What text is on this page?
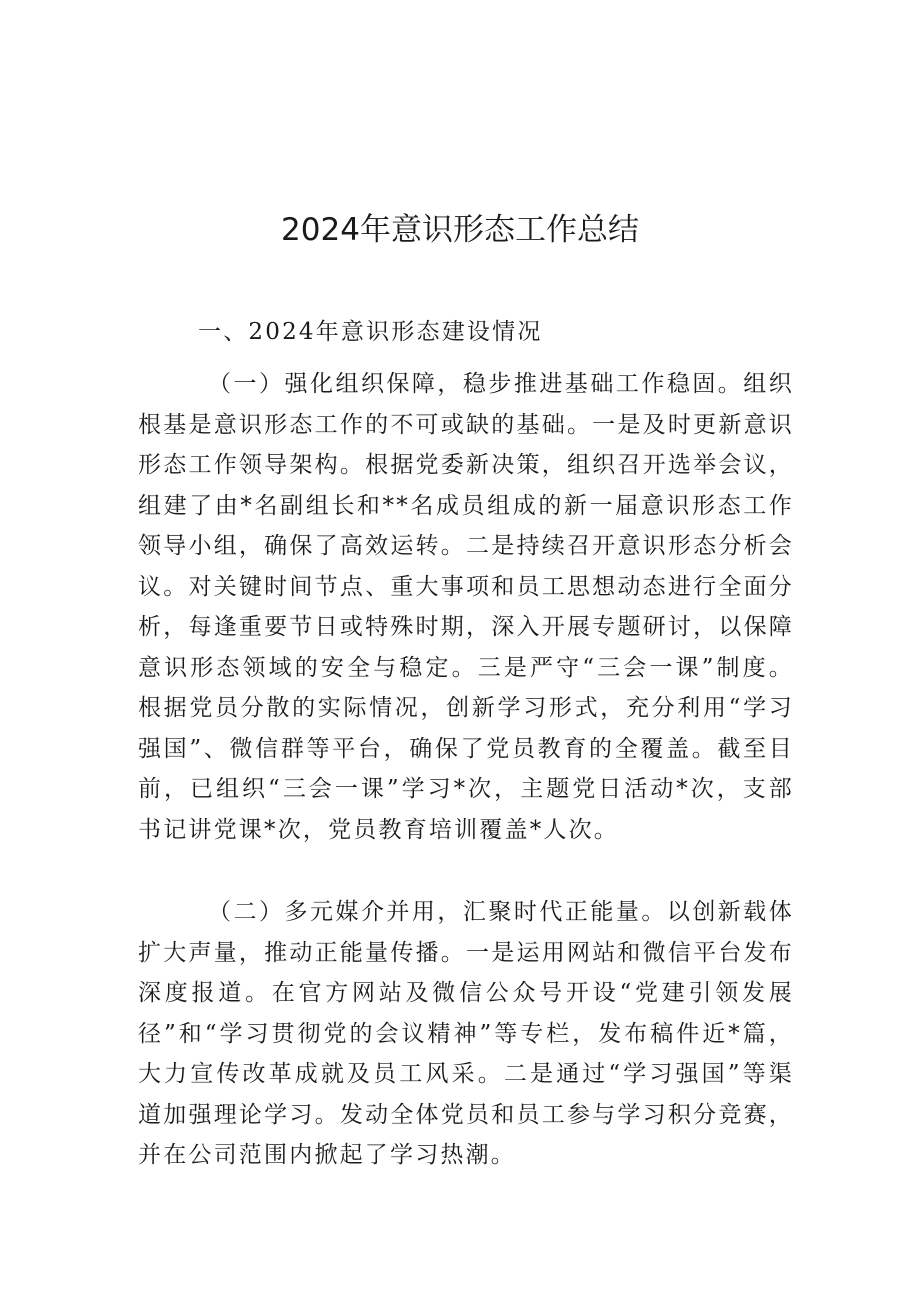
2024年意识形态工作总结

一、2024年意识形态建设情况

（一）强化组织保障，稳步推进基础工作稳固。组织根基是意识形态工作的不可或缺的基础。一是及时更新意识形态工作领导架构。根据党委新决策，组织召开选举会议，组建了由*名副组长和**名成员组成的新一届意识形态工作领导小组，确保了高效运转。二是持续召开意识形态分析会议。对关键时间节点、重大事项和员工思想动态进行全面分析，每逢重要节日或特殊时期，深入开展专题研讨，以保障意识形态领域的安全与稳定。三是严守“三会一课”制度。根据党员分散的实际情况，创新学习形式，充分利用“学习强国”、微信群等平台，确保了党员教育的全覆盖。截至目前，已组织“三会一课”学习*次，主题党日活动*次，支部书记讲党课*次，党员教育培训覆盖*人次。

（二）多元媒介并用，汇聚时代正能量。以创新载体扩大声量，推动正能量传播。一是运用网站和微信平台发布深度报道。在官方网站及微信公众号开设“党建引领发展径”和“学习贯彻党的会议精神”等专栏，发布稿件近*篇，大力宣传改革成就及员工风采。二是通过“学习强国”等渠道加强理论学习。发动全体党员和员工参与学习积分竞赛，并在公司范围内掀起了学习热潮。
